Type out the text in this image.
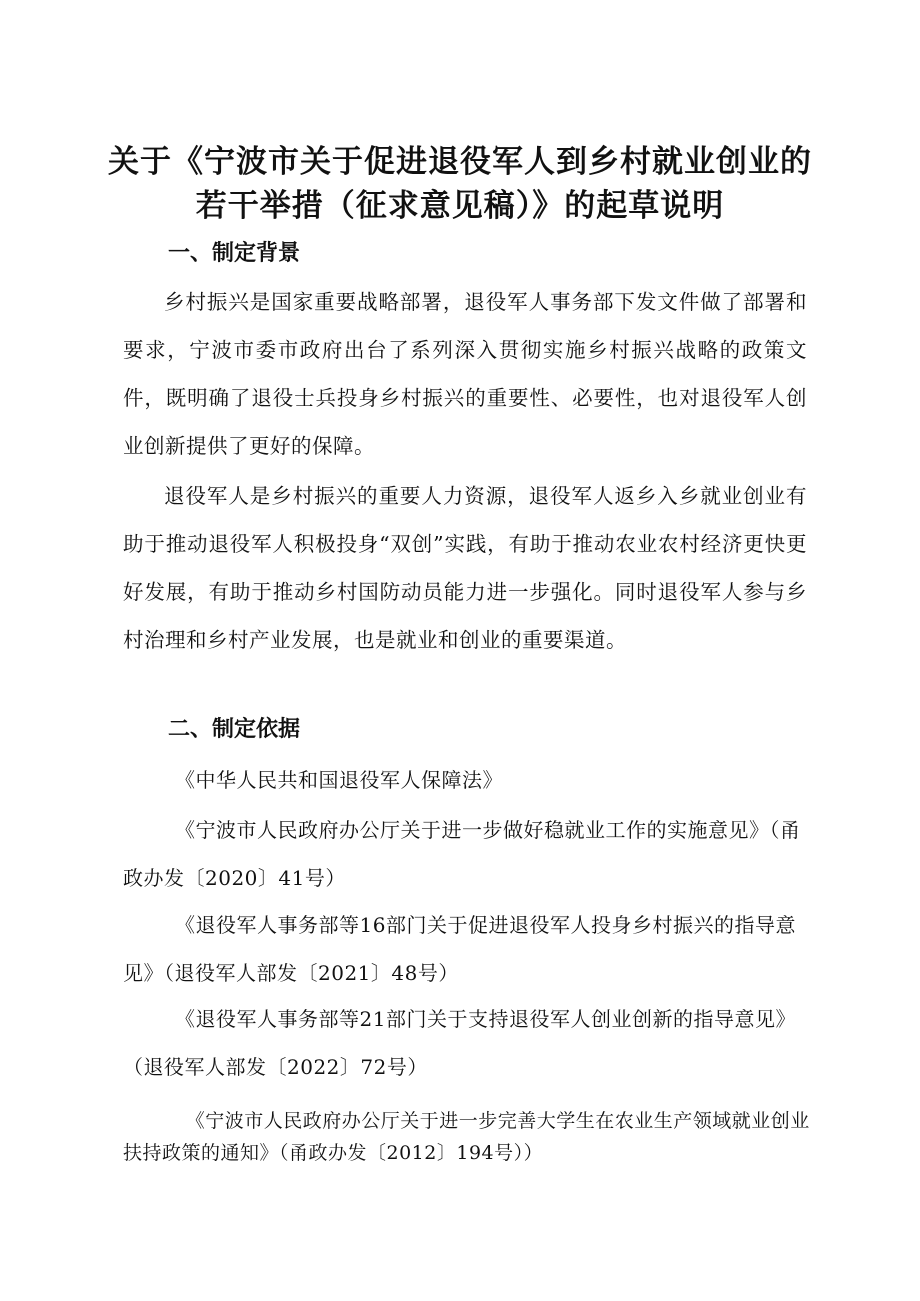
关于《宁波市关于促进退役军人到乡村就业创业的
若干举措（征求意见稿）》的起草说明
一、制定背景
乡村振兴是国家重要战略部署，退役军人事务部下发文件做了部署和要求，宁波市委市政府出台了系列深入贯彻实施乡村振兴战略的政策文件，既明确了退役士兵投身乡村振兴的重要性、必要性，也对退役军人创业创新提供了更好的保障。
退役军人是乡村振兴的重要人力资源，退役军人返乡入乡就业创业有助于推动退役军人积极投身“双创”实践，有助于推动农业农村经济更快更好发展，有助于推动乡村国防动员能力进一步强化。同时退役军人参与乡村治理和乡村产业发展，也是就业和创业的重要渠道。
二、制定依据
《中华人民共和国退役军人保障法》
《宁波市人民政府办公厅关于进一步做好稳就业工作的实施意见》（甬政办发〔2020〕41号）
《退役军人事务部等16部门关于促进退役军人投身乡村振兴的指导意见》（退役军人部发〔2021〕48号）
《退役军人事务部等21部门关于支持退役军人创业创新的指导意见》（退役军人部发〔2022〕72号）
《宁波市人民政府办公厅关于进一步完善大学生在农业生产领域就业创业扶持政策的通知》（甬政办发〔2012〕194号））
